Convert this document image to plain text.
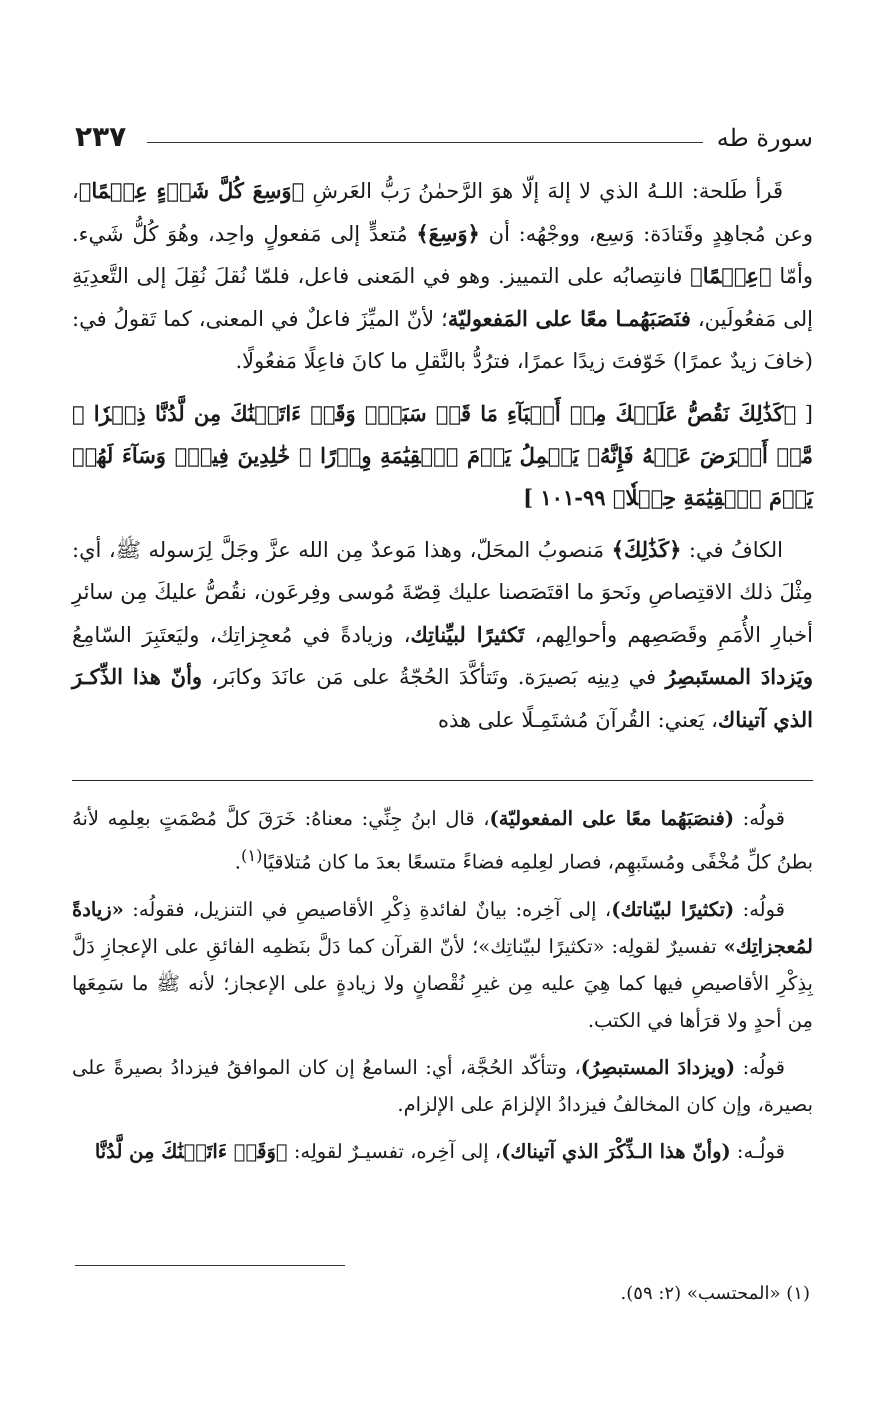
سورة طه
٢٣٧

قَرأ طَلحة: اللـهُ الذي لا إلهَ إلّا هوَ الرَّحمٰنُ رَبُّ العَرشِ ﴿وَسِعَ كُلَّ شَيۡءٍ عِلۡمًا﴾، وعن مُجاهِدٍ وقَتادَة: وَسِع، ووجْهُه: أن ﴿وَسِعَ﴾ مُتعدٍّ إلى مَفعولٍ واحِد، وهُوَ كُلُّ شَيء. وأمّا ﴿عِلۡمًا﴾ فانتِصابُه على التمييز. وهو في المَعنى فاعل، فلمّا نُقلَ نُقِلَ إلى التَّعدِيَةِ إلى مَفعُولَين، فنَصَبَهُمـا معًا على المَفعوليّة؛ لأنّ الميِّزَ فاعلٌ في المعنى، كما تَقولُ في: (خافَ زيدٌ عمرًا) خَوّفتَ زيدًا عمرًا، فترُدُّ بالنَّقلِ ما كانَ فاعِلًا مَفعُولًا.

[ ﴿كَذَٰلِكَ نَقُصُّ عَلَيۡكَ مِنۡ أَنۢبَآءِ مَا قَدۡ سَبَقَۚ وَقَدۡ ءَاتَيۡنَٰكَ مِن لَّدُنَّا ذِكۡرٗا ۞ مَّنۡ أَعۡرَضَ عَنۡهُ فَإِنَّهُۥ يَحۡمِلُ يَوۡمَ ٱلۡقِيَٰمَةِ وِزۡرًا ۞ خَٰلِدِينَ فِيهِۖ وَسَآءَ لَهُمۡ يَوۡمَ ٱلۡقِيَٰمَةِ حِمۡلٗا﴾ ٩٩-١٠١ ]

الكافُ في: ﴿كَذَٰلِكَ﴾ مَنصوبُ المحَلّ، وهذا مَوعدٌ مِن الله عزَّ وجَلَّ لِرَسوله ﷺ، أي: مِثْلَ ذلك الاقتِصاصِ ونَحوَ ما اقتَصَصنا عليك قِصّةَ مُوسى وفِرعَون، نقُصُّ عليكَ مِن سائرِ أخبارِ الأُمَمِ وقَصَصِهم وأحوالِهم، تَكثيرًا لبيِّناتِك، وزيادةً في مُعجِزاتِك، وليَعتَبِرَ السّامِعُ ويَزدادَ المستَبصِرُ في دِينِه بَصيرَة. وتَتأكَّدَ الحُجّةُ على مَن عانَدَ وكابَر، وأنّ هذا الذِّكـرَ الذي آتيناك، يَعني: القُرآنَ مُشتَمِـلًا على هذه

قولُه: (فنصَبَهُما معًا على المفعوليّة)، قال ابنُ جِنِّي: معناهُ: خَرَقَ كلَّ مُصْمَتٍ بعِلمِه لأنهُ بطنُ كلِّ مُخْفًى ومُستَبهِم، فصار لعِلمِه فضاءً متسعًا بعدَ ما كان مُتلاقيًا$^{(١)}$.

قولُه: (تكثيرًا لبيّناتك)، إلى آخِره: بيانٌ لفائدةِ ذِكْرِ الأقاصيصِ في التنزيل، فقولُه: «زيادةً لمُعجزاتِك» تفسيرٌ لقولِه: «تكثيرًا لبيّناتِك»؛ لأنّ القرآن كما دَلَّ بنَظمِه الفائقِ على الإعجازِ دَلَّ بِذِكْرِ الأقاصيصِ فيها كما هِيَ عليه مِن غيرِ نُقْصانٍ ولا زيادةٍ على الإعجاز؛ لأنه ﷺ ما سَمِعَها مِن أحدٍ ولا قرَأها في الكتب.

قولُه: (ويزدادَ المستبصِرُ)، وتتأكّد الحُجَّة، أي: السامعُ إن كان الموافقُ فيزدادُ بصيرةً على بصيرة، وإن كان المخالفُ فيزدادُ الإلزامَ على الإلزام.

قولُـه: (وأنّ هذا الـذِّكْرَ الذي آتيناك)، إلى آخِره، تفسيـرٌ لقولِه: ﴿وَقَدۡ ءَاتَيۡنَٰكَ مِن لَّدُنَّا

(١) «المحتسب» (٢: ٥٩).
